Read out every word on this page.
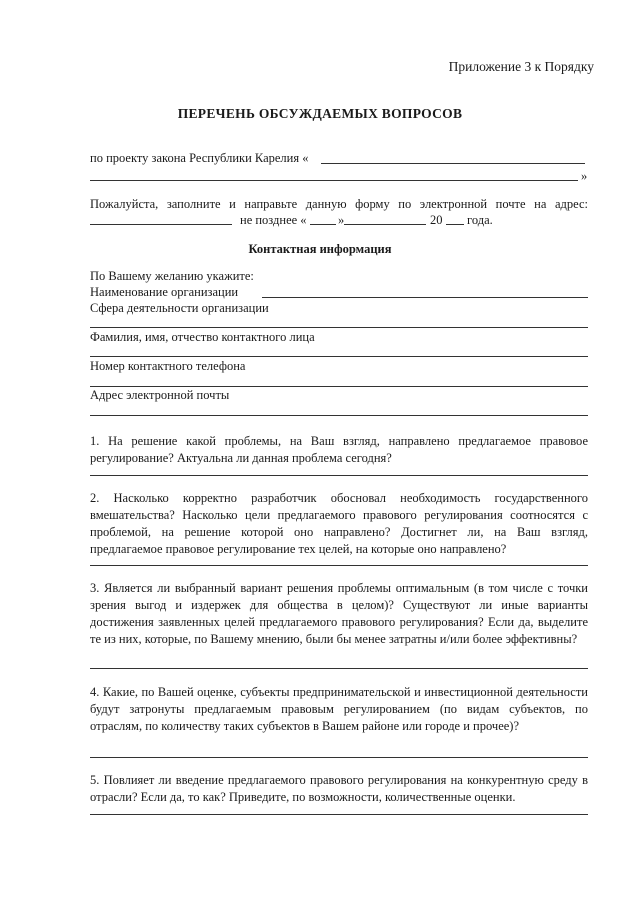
Приложение 3 к Порядку
ПЕРЕЧЕНЬ ОБСУЖДАЕМЫХ ВОПРОСОВ
по проекту закона Республики Карелия «
»
Пожалуйста, заполните и направьте данную форму по электронной почте на адрес:
не позднее «	»	20 года.
Контактная информация
По Вашему желанию укажите:
Наименование организации
Сфера деятельности организации
Фамилия, имя, отчество контактного лица
Номер контактного телефона
Адрес электронной почты
1. На решение какой проблемы, на Ваш взгляд, направлено предлагаемое правовое регулирование? Актуальна ли данная проблема сегодня?
2. Насколько корректно разработчик обосновал необходимость государственного вмешательства? Насколько цели предлагаемого правового регулирования соотносятся с проблемой, на решение которой оно направлено? Достигнет ли, на Ваш взгляд, предлагаемое правовое регулирование тех целей, на которые оно направлено?
3. Является ли выбранный вариант решения проблемы оптимальным (в том числе с точки зрения выгод и издержек для общества в целом)? Существуют ли иные варианты достижения заявленных целей предлагаемого правового регулирования? Если да, выделите те из них, которые, по Вашему мнению, были бы менее затратны и/или более эффективны?
4. Какие, по Вашей оценке, субъекты предпринимательской и инвестиционной деятельности будут затронуты предлагаемым правовым регулированием (по видам субъектов, по отраслям, по количеству таких субъектов в Вашем районе или городе и прочее)?
5. Повлияет ли введение предлагаемого правового регулирования на конкурентную среду в отрасли? Если да, то как? Приведите, по возможности, количественные оценки.
